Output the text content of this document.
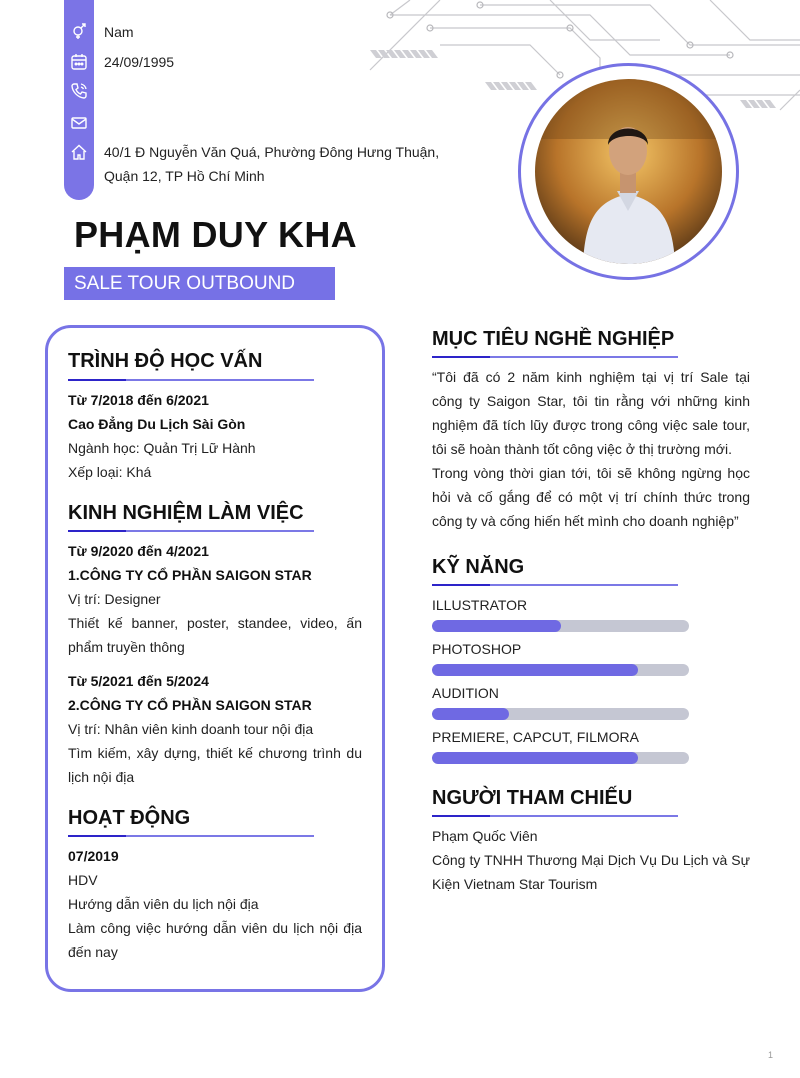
Nam
24/09/1995
40/1 Đ Nguyễn Văn Quá, Phường Đông Hưng Thuận, Quận 12, TP Hồ Chí Minh
PHẠM DUY KHA
SALE TOUR OUTBOUND
TRÌNH ĐỘ HỌC VẤN
Từ 7/2018 đến 6/2021
Cao Đẳng Du Lịch Sài Gòn
Ngành học: Quản Trị Lữ Hành
Xếp loại: Khá
KINH NGHIỆM LÀM VIỆC
Từ 9/2020 đến 4/2021
1.CÔNG TY CỔ PHẦN SAIGON STAR
Vị trí: Designer
Thiết kế banner, poster, standee, video, ấn phẩm truyền thông
Từ 5/2021 đến 5/2024
2.CÔNG TY CỔ PHẦN SAIGON STAR
Vị trí: Nhân viên kinh doanh tour nội địa
Tìm kiếm, xây dựng, thiết kế chương trình du lịch nội địa
HOẠT ĐỘNG
07/2019
HDV
Hướng dẫn viên du lịch nội địa
Làm công việc hướng dẫn viên du lịch nội địa đến nay
MỤC TIÊU NGHỀ NGHIỆP
“Tôi đã có 2 năm kinh nghiệm tại vị trí Sale tại công ty Saigon Star, tôi tin rằng với những kinh nghiệm đã tích lũy được trong công việc sale tour, tôi sẽ hoàn thành tốt công việc ở thị trường mới.
Trong vòng thời gian tới, tôi sẽ không ngừng học hỏi và cố gắng để có một vị trí chính thức trong công ty và cống hiến hết mình cho doanh nghiệp”
KỸ NĂNG
ILLUSTRATOR
PHOTOSHOP
AUDITION
PREMIERE, CAPCUT, FILMORA
NGƯỜI THAM CHIẾU
Phạm Quốc Viên
Công ty TNHH Thương Mại Dịch Vụ Du Lịch và Sự Kiện Vietnam Star Tourism
1
